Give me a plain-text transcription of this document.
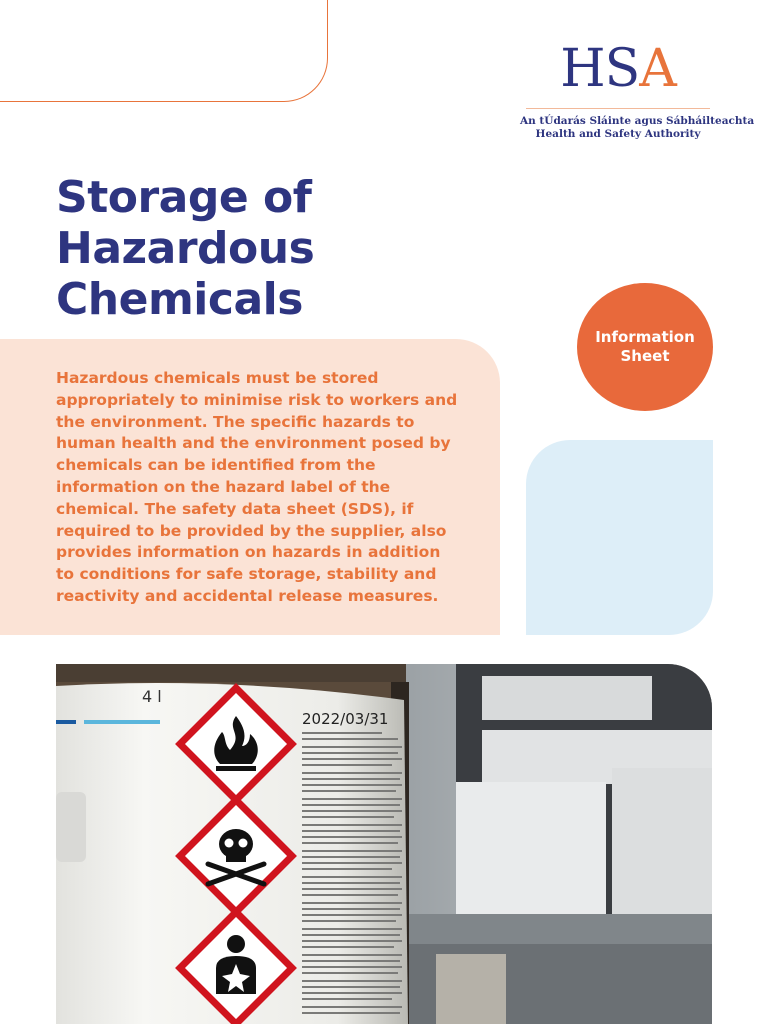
HSA
An tÚdarás Sláinte agus Sábháilteachta
Health and Safety Authority
Storage of
Hazardous
Chemicals
Information
Sheet

Hazardous chemicals must be stored appropriately to minimise risk to workers and the environment. The specific hazards to human health and the environment posed by chemicals can be identified from the information on the hazard label of the chemical. The safety data sheet (SDS), if required to be provided by the supplier, also provides information on hazards in addition to conditions for safe storage, stability and reactivity and accidental release measures.

4 l
2022/03/31
